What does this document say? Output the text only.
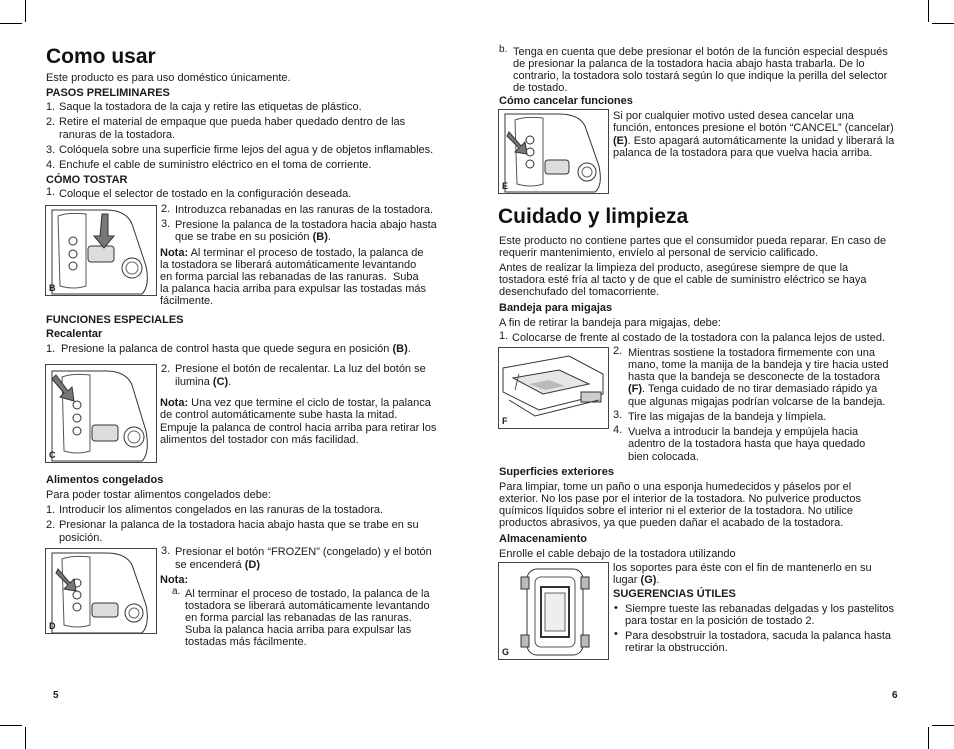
Como usar

Este producto es para uso doméstico únicamente.

PASOS PRELIMINARES

1. Saque la tostadora de la caja y retire las etiquetas de plástico.

2. Retire el material de empaque que pueda haber quedado dentro de las

ranuras de la tostadora.

3. Colóquela sobre una superficie firme lejos del agua y de objetos inflamables.

4. Enchufe el cable de suministro eléctrico en el toma de corriente.

CÓMO TOSTAR

1. Coloque el selector de tostado en la configuración deseada.

B
2. Introduzca rebanadas en las ranuras de la tostadora.

3. Presione la palanca de la tostadora hacia abajo hasta

que se trabe en su posición (B).

Nota: Al terminar el proceso de tostado, la palanca de

la tostadora se liberará automáticamente levantando

en forma parcial las rebanadas de las ranuras.  Suba

la palanca hacia arriba para expulsar las tostadas más

fácilmente.

FUNCIONES ESPECIALES

Recalentar

1. Presione la palanca de control hasta que quede segura en posición (B).

C
2. Presione el botón de recalentar. La luz del botón se

ilumina (C).

Nota: Una vez que termine el ciclo de tostar, la palanca

de control automáticamente sube hasta la mitad.

Empuje la palanca de control hacia arriba para retirar los

alimentos del tostador con más facilidad.

Alimentos congelados

Para poder tostar alimentos congelados debe:

1. Introducir los alimentos congelados en las ranuras de la tostadora.

2. Presionar la palanca de la tostadora hacia abajo hasta que se trabe en su

posición.

D
3. Presionar el botón “FROZEN” (congelado) y el botón

se encenderá (D)

Nota:

a. Al terminar el proceso de tostado, la palanca de la

tostadora se liberará automáticamente levantando

en forma parcial las rebanadas de las ranuras.

Suba la palanca hacia arriba para expulsar las

tostadas más fácilmente.

5
b. Tenga en cuenta que debe presionar el botón de la función especial después

de presionar la palanca de la tostadora hacia abajo hasta trabarla. De lo

contrario, la tostadora solo tostará según lo que indique la perilla del selector

de tostado.

Cómo cancelar funciones

E

Si por cualquier motivo usted desea cancelar una

función, entonces presione el botón “CANCEL” (cancelar)

(E). Esto apagará automáticamente la unidad y liberará la

palanca de la tostadora para que vuelva hacia arriba.

Cuidado y limpieza

Este producto no contiene partes que el consumidor pueda reparar. En caso de

requerir mantenimiento, envíelo al personal de servicio calificado.

Antes de realizar la limpieza del producto, asegúrese siempre de que la

tostadora esté fría al tacto y de que el cable de suministro eléctrico se haya

desenchufado del tomacorriente.

Bandeja para migajas

A fin de retirar la bandeja para migajas, debe:

1. Colocarse de frente al costado de la tostadora con la palanca lejos de usted.

F
2. Mientras sostiene la tostadora firmemente con una

mano, tome la manija de la bandeja y tire hacia usted

hasta que la bandeja se desconecte de la tostadora

(F). Tenga cuidado de no tirar demasiado rápido ya

que algunas migajas podrían volcarse de la bandeja.

3. Tire las migajas de la bandeja y límpiela.

4. Vuelva a introducir la bandeja y empújela hacia

adentro de la tostadora hasta que haya quedado

bien colocada.

Superficies exteriores

Para limpiar, tome un paño o una esponja humedecidos y páselos por el

exterior. No los pase por el interior de la tostadora. No pulverice productos

químicos líquidos sobre el interior ni el exterior de la tostadora. No utilice

productos abrasivos, ya que pueden dañar el acabado de la tostadora.

Almacenamiento

Enrolle el cable debajo de la tostadora utilizando

G

los soportes para éste con el fin de mantenerlo en su

lugar (G).

SUGERENCIAS ÚTILES

• Siempre tueste las rebanadas delgadas y los pastelitos

para tostar en la posición de tostado 2.

• Para desobstruir la tostadora, sacuda la palanca hasta

retirar la obstrucción.

6
